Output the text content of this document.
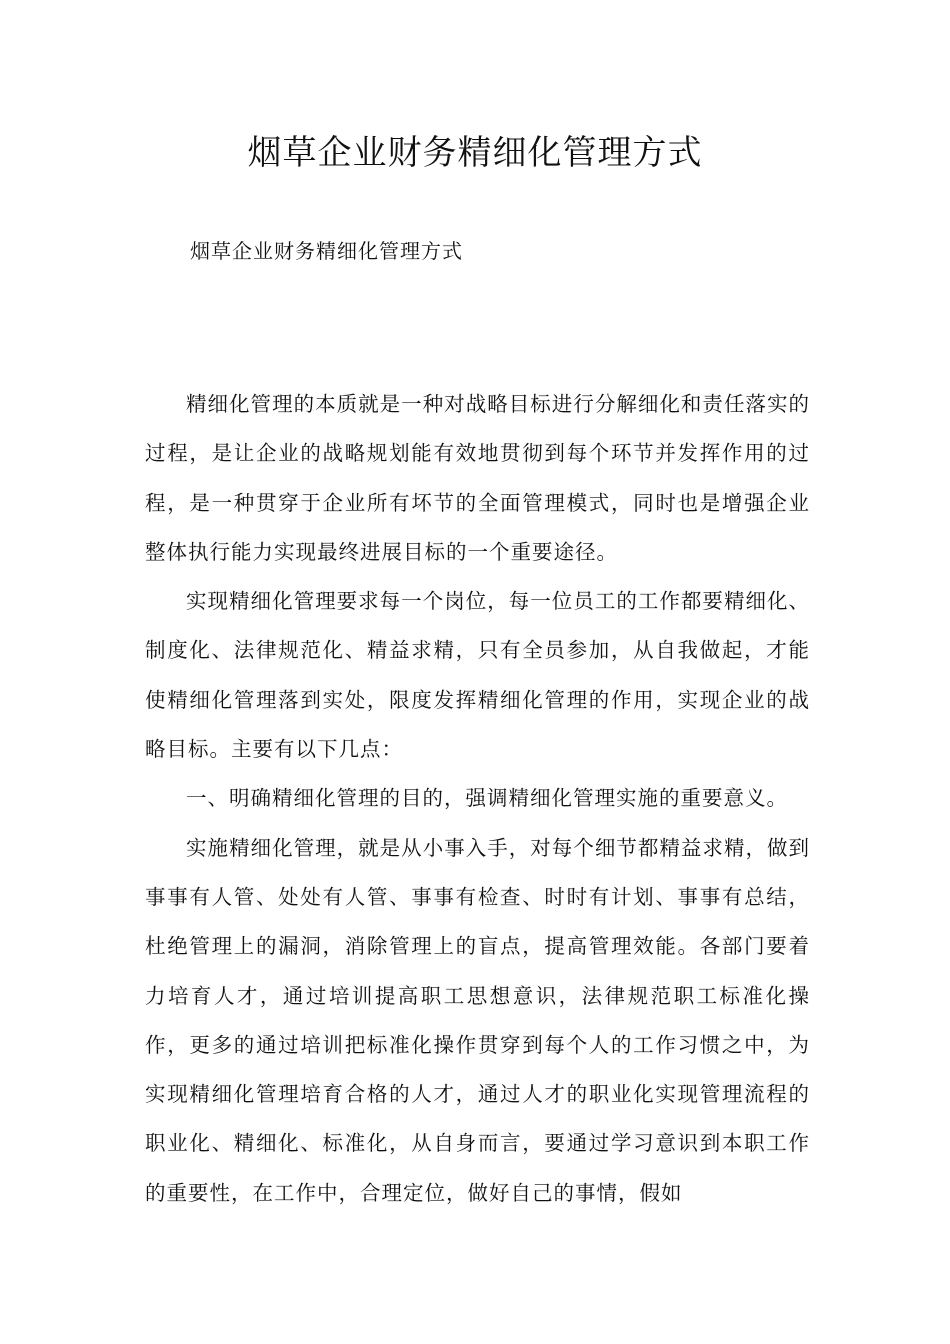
烟草企业财务精细化管理方式
烟草企业财务精细化管理方式

精细化管理的本质就是一种对战略目标进行分解细化和责任落实的过程，是让企业的战略规划能有效地贯彻到每个环节并发挥作用的过程，是一种贯穿于企业所有坏节的全面管理模式，同时也是增强企业整体执行能力实现最终进展目标的一个重要途径。

实现精细化管理要求每一个岗位，每一位员工的工作都要精细化、制度化、法律规范化、精益求精，只有全员参加，从自我做起，才能使精细化管理落到实处，限度发挥精细化管理的作用，实现企业的战略目标。主要有以下几点：

一、明确精细化管理的目的，强调精细化管理实施的重要意义。

实施精细化管理，就是从小事入手，对每个细节都精益求精，做到事事有人管、处处有人管、事事有检查、时时有计划、事事有总结，杜绝管理上的漏洞，消除管理上的盲点，提高管理效能。各部门要着力培育人才，通过培训提高职工思想意识，法律规范职工标准化操作，更多的通过培训把标准化操作贯穿到每个人的工作习惯之中，为实现精细化管理培育合格的人才，通过人才的职业化实现管理流程的职业化、精细化、标准化，从自身而言，要通过学习意识到本职工作的重要性，在工作中，合理定位，做好自己的事情，假如
